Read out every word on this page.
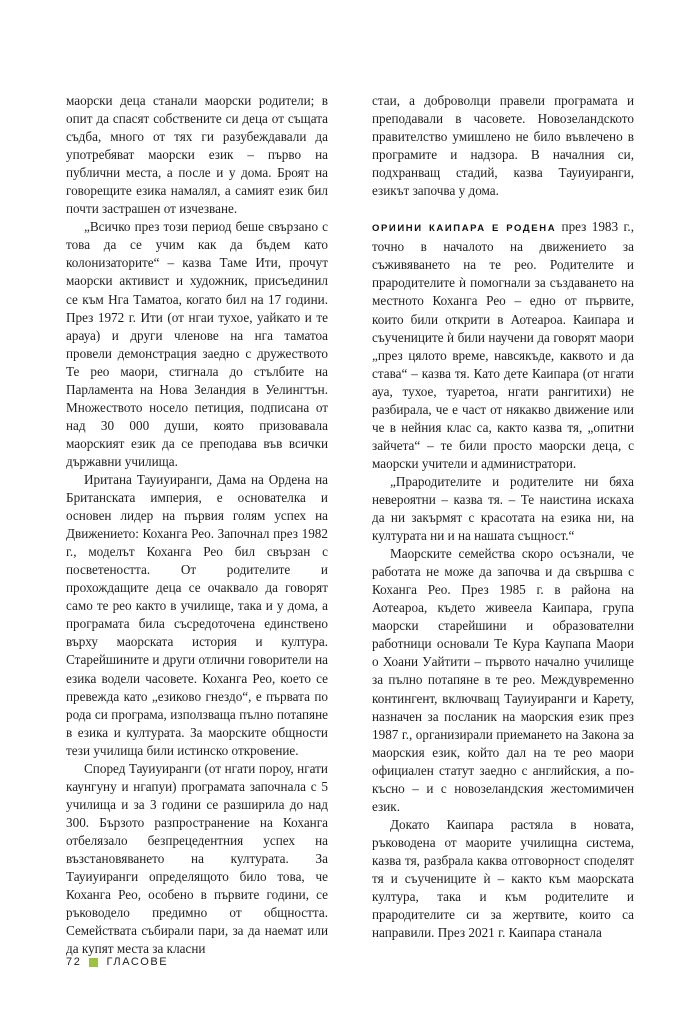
маорски деца станали маорски родители; в опит да спасят собствените си деца от същата съдба, много от тях ги разубеждавали да употребяват маорски език – първо на публични места, а после и у дома. Броят на говорещите езика намалял, а самият език бил почти застрашен от изчезване.

„Всичко през този период беше свързано с това да се учим как да бъдем като колонизаторите“ – казва Таме Ити, прочут маорски активист и художник, присъединил се към Нга Таматоа, когато бил на 17 години. През 1972 г. Ити (от нгаи тухое, уайкато и те арауа) и други членове на нга таматоа провели демонстрация заедно с дружеството Те рео маори, стигнала до стълбите на Парламента на Нова Зеландия в Уелингтън. Множеството носело петиция, подписана от над 30 000 души, която призовавала маорският език да се преподава във всички държавни училища.

Иритана Тауиуиранги, Дама на Ордена на Британската империя, е основателка и основен лидер на първия голям успех на Движението: Коханга Рео. Започнал през 1982 г., моделът Коханга Рео бил свързан с посветеността. От родителите и прохождащите деца се очаквало да говорят само те рео както в училище, така и у дома, а програмата била съсредоточена единствено върху маорската история и култура. Старейшините и други отлични говорители на езика водели часовете. Коханга Рео, което се превежда като „езиково гнездо“, е първата по рода си програма, използваща пълно потапяне в езика и културата. За маорските общности тези училища били истинско откровение.

Според Тауиуиранги (от нгати пороу, нгати каунгуну и нгапуи) програмата започнала с 5 училища и за 3 години се разширила до над 300. Бързото разпространение на Коханга отбелязало безпрецедентния успех на възстановяването на културата. За Тауиуиранги определящото било това, че Коханга Рео, особено в първите години, се ръководело предимно от общността. Семействата събирали пари, за да наемат или да купят места за класни

стаи, а доброволци правели програмата и преподавали в часовете. Новозеландското правителство умишлено не било въвлечено в програмите и надзора. В началния си, подхранващ стадий, казва Тауиуиранги, езикът започва у дома.

ОРИИНИ КАИПАРА Е РОДЕНА през 1983 г., точно в началото на движението за съживяването на те рео. Родителите и прародителите ѝ помогнали за създаването на местното Кохангa Рео – едно от първите, които били открити в Аотеароа. Каипара и съучениците ѝ били научени да говорят маори „през цялото време, навсякъде, каквото и да става“ – казва тя. Като дете Каипара (от нгати ауа, тухое, туаретоа, нгати рангитихи) не разбирала, че е част от някакво движение или че в нейния клас са, както казва тя, „опитни зайчета“ – те били просто маорски деца, с маорски учители и администратори.

„Прародителите и родителите ни бяха невероятни – казва тя. – Те наистина искаха да ни закърмят с красотата на езика ни, на културата ни и на нашата същност.“

Маорските семейства скоро осъзнали, че работата не може да започва и да свършва с Коханга Рео. През 1985 г. в района на Аотеароа, където живеела Каипара, група маорски старейшини и образователни работници основали Те Кура Каупапа Маори о Хоани Уайтити – първото начално училище за пълно потапяне в те рео. Междувременно контингент, включващ Тауиуиранги и Карету, назначен за посланик на маорския език през 1987 г., организирали приемането на Закона за маорския език, който дал на те рео маори официален статут заедно с английския, а по-късно – и с новозеландския жестомимичен език.

Докато Каипара растяла в новата, ръководена от маорите училищна система, казва тя, разбрала каква отговорност споделят тя и съучениците ѝ – както към маорската култура, така и към родителите и прародителите си за жертвите, които са направили. През 2021 г. Каипара станала

72 ГЛАСОВЕ
